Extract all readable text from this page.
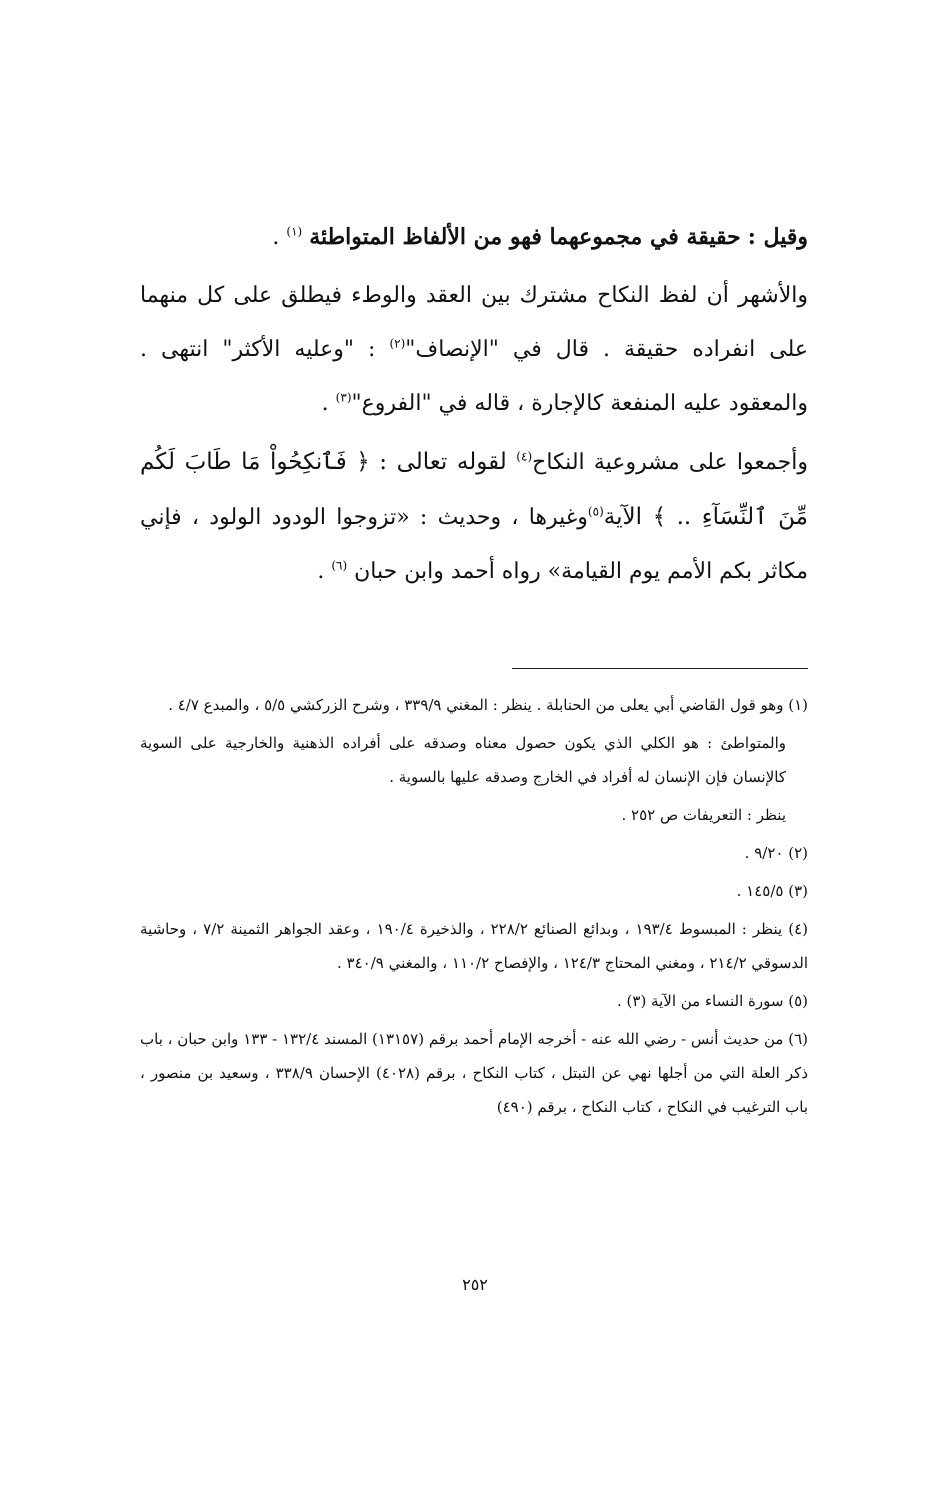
وقيل : حقيقة في مجموعهما فهو من الألفاظ المتواطئة $^{(١)}$ .

والأشهر أن لفظ النكاح مشترك بين العقد والوطء فيطلق على كل منهما على انفراده حقيقة . قال في "الإنصاف"$^{(٢)}$ : "وعليه الأكثر" انتهى . والمعقود عليه المنفعة كالإجارة ، قاله في "الفروع"$^{(٣)}$ .

وأجمعوا على مشروعية النكاح$^{(٤)}$ لقوله تعالى : ﴿ فَٱنكِحُواْ مَا طَابَ لَكُم مِّنَ ٱلنِّسَآءِ .. ﴾ الآية$^{(٥)}$وغيرها ، وحديث : «تزوجوا الودود الولود ، فإني مكاثر بكم الأمم يوم القيامة» رواه أحمد وابن حبان $^{(٦)}$ .

(١) وهو قول القاضي أبي يعلى من الحنابلة . ينظر : المغني ٣٣٩/٩ ، وشرح الزركشي ٥/٥ ، والمبدع ٤/٧ .

والمتواطئ : هو الكلي الذي يكون حصول معناه وصدقه على أفراده الذهنية والخارجية على السوية كالإنسان فإن الإنسان له أفراد في الخارج وصدقه عليها بالسوية .

ينظر : التعريفات ص ٢٥٢ .

(٢) ٩/٢٠ .

(٣) ١٤٥/٥ .

(٤) ينظر : المبسوط ١٩٣/٤ ، وبدائع الصنائع ٢٢٨/٢ ، والذخيرة ١٩٠/٤ ، وعقد الجواهر الثمينة ٧/٢ ، وحاشية الدسوقي ٢١٤/٢ ، ومغني المحتاج ١٢٤/٣ ، والإفصاح ١١٠/٢ ، والمغني ٣٤٠/٩ .

(٥) سورة النساء من الآية (٣) .

(٦) من حديث أنس - رضي الله عنه - أخرجه الإمام أحمد برقم (١٣١٥٧) المسند ١٣٢/٤ - ١٣٣ وابن حبان ، باب ذكر العلة التي من أجلها نهي عن التبتل ، كتاب النكاح ، برقم (٤٠٢٨) الإحسان ٣٣٨/٩ ، وسعيد بن منصور ، باب الترغيب في النكاح ، كتاب النكاح ، برقم (٤٩٠)

٢٥٢
